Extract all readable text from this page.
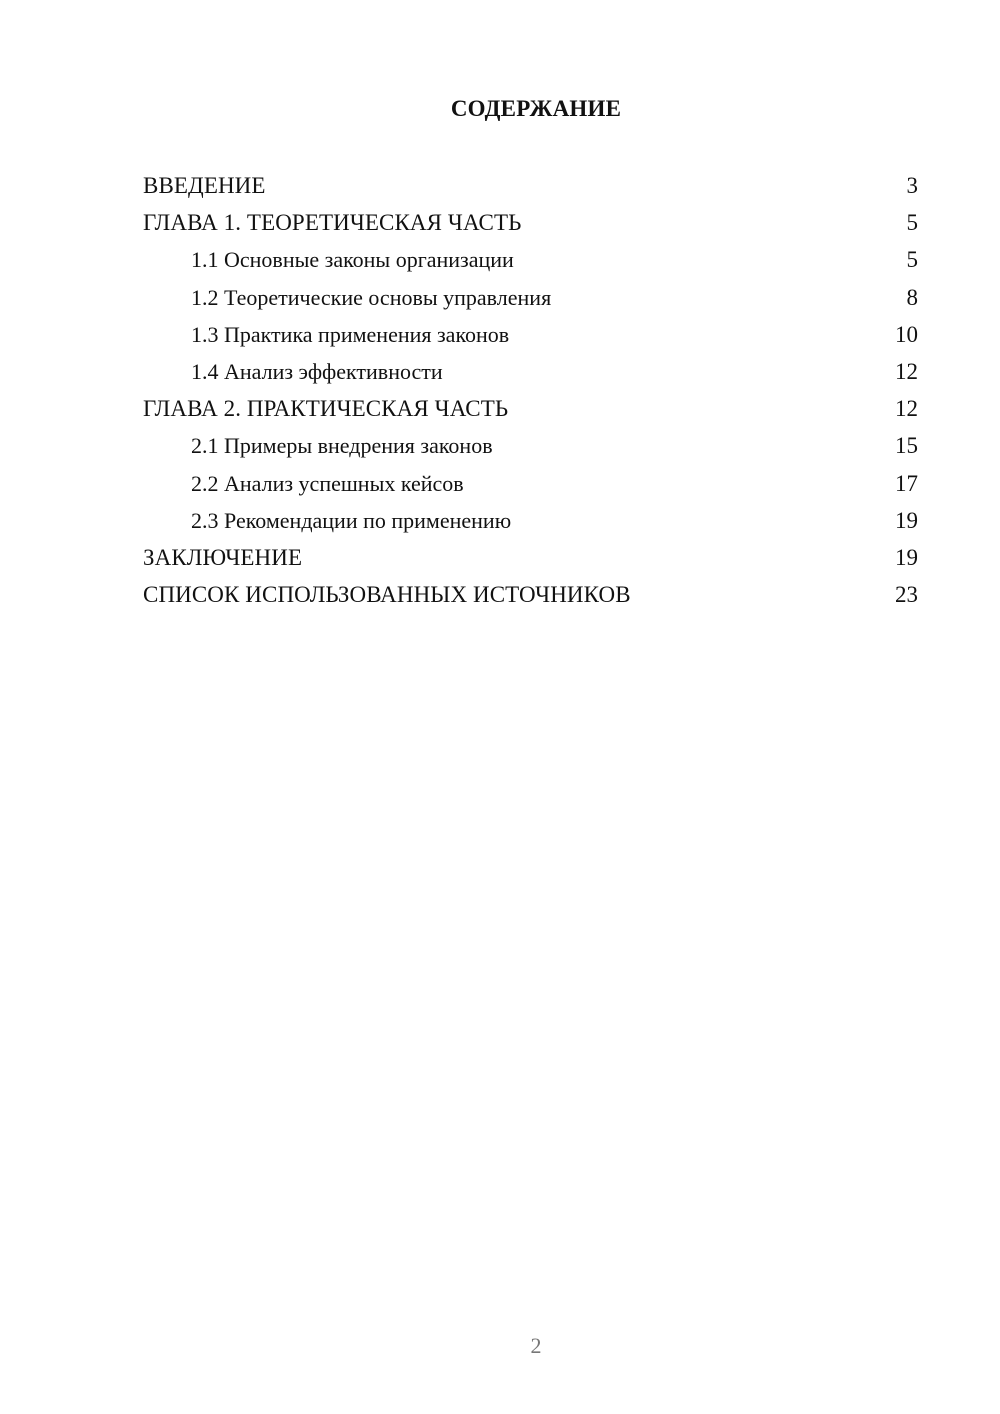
СОДЕРЖАНИЕ
ВВЕДЕНИЕ	3
ГЛАВА 1. ТЕОРЕТИЧЕСКАЯ ЧАСТЬ	5
1.1 Основные законы организации	5
1.2 Теоретические основы управления	8
1.3 Практика применения законов	10
1.4 Анализ эффективности	12
ГЛАВА 2. ПРАКТИЧЕСКАЯ ЧАСТЬ	12
2.1 Примеры внедрения законов	15
2.2 Анализ успешных кейсов	17
2.3 Рекомендации по применению	19
ЗАКЛЮЧЕНИЕ	19
СПИСОК ИСПОЛЬЗОВАННЫХ ИСТОЧНИКОВ	23
2
